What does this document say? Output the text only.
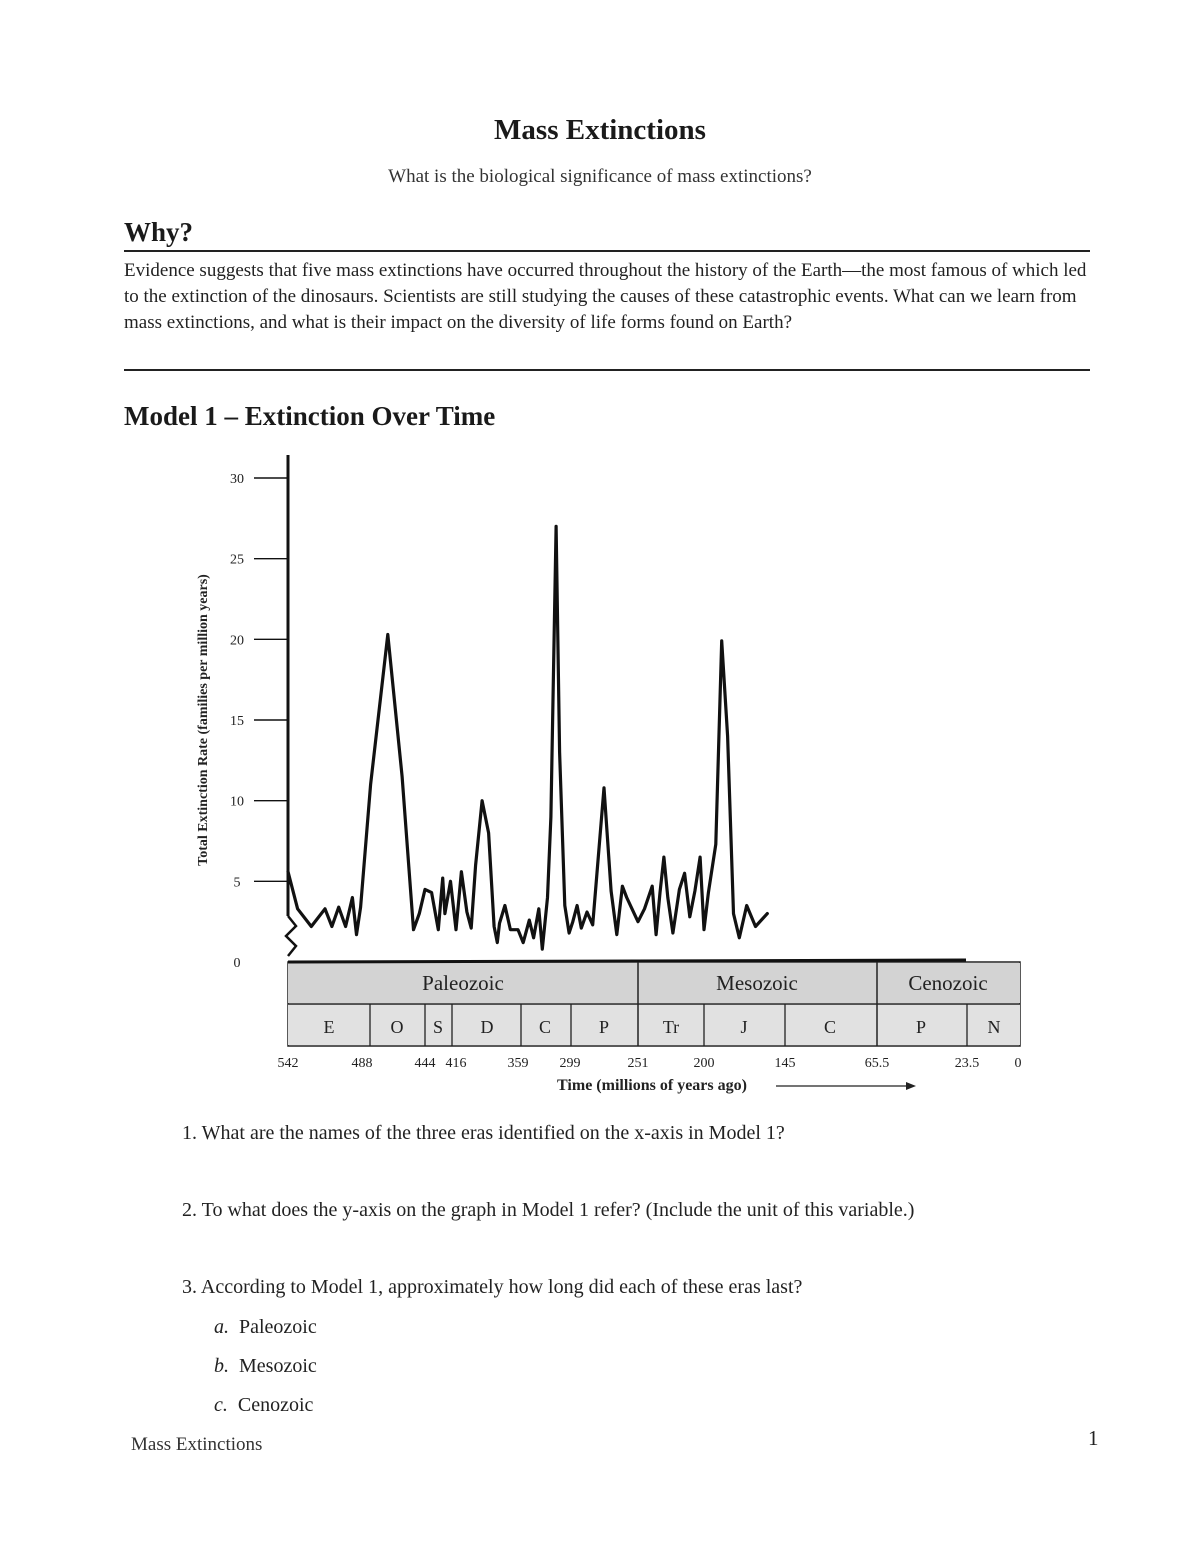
Mass Extinctions
What is the biological significance of mass extinctions?
Why?
Evidence suggests that five mass extinctions have occurred throughout the history of the Earth—the most famous of which led to the extinction of the dinosaurs. Scientists are still studying the causes of these catastrophic events. What can we learn from mass extinctions, and what is their impact on the diversity of life forms found on Earth?
Model 1 – Extinction Over Time
0
5
10
15
20
25
30
Total Extinction Rate (families per million years)
Paleozoic	Mesozoic	Cenozoic
E	O S D	C	P	Tr	J	C	P	N
542	488	444 416	359 299	251	200	145	65.5	23.5	0
Time (millions of years ago)
1. What are the names of the three eras identified on the x-axis in Model 1?
2. To what does the y-axis on the graph in Model 1 refer? (Include the unit of this variable.)
3. According to Model 1, approximately how long did each of these eras last?
a. Paleozoic
b. Mesozoic
c. Cenozoic
Mass Extinctions	1
